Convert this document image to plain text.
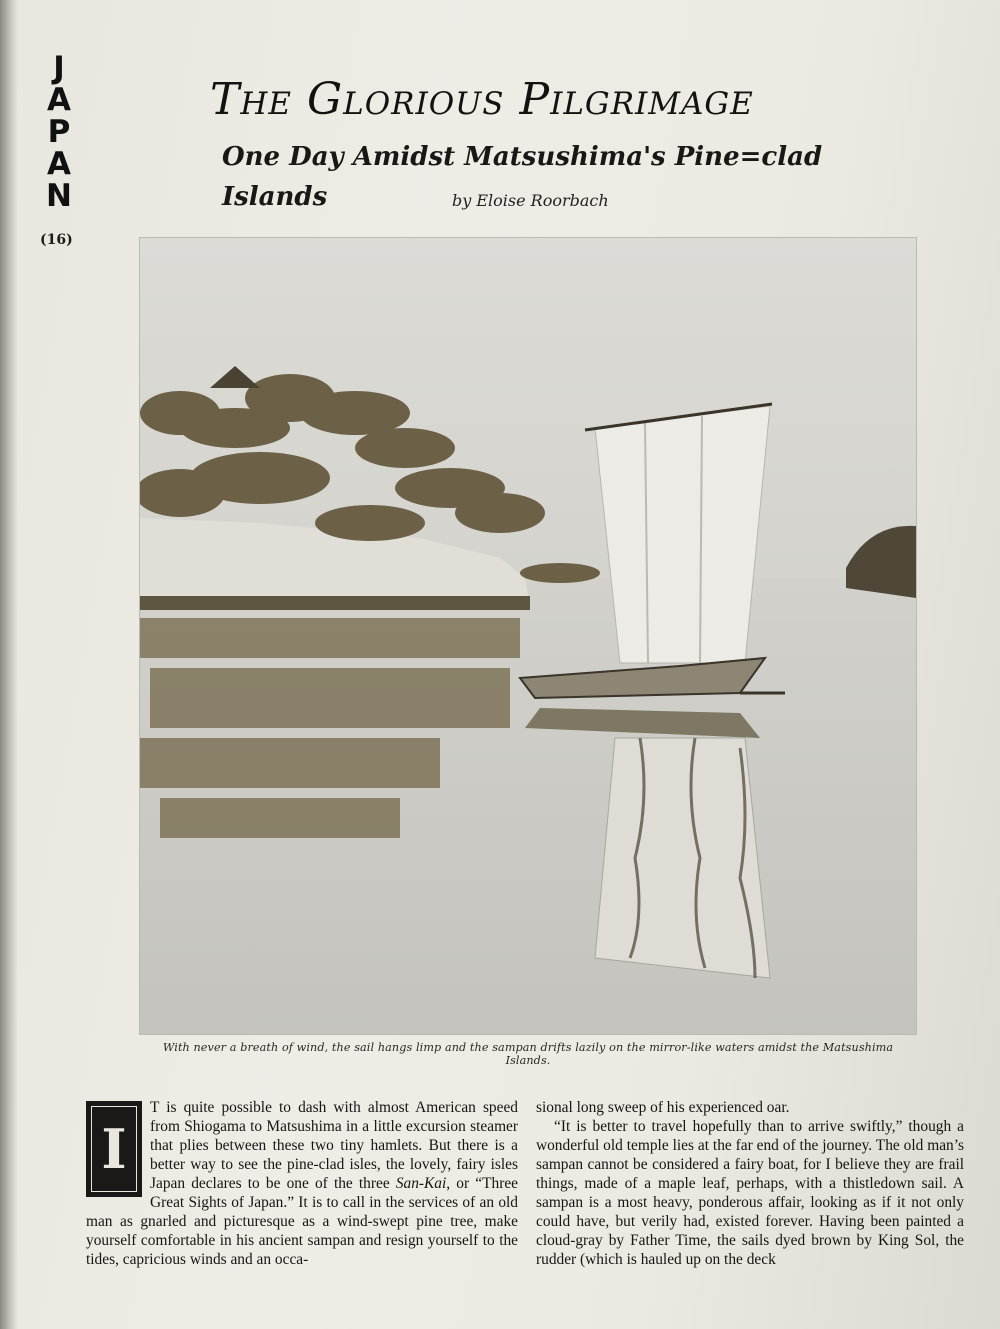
J
A
P
A
N
(16)
The Glorious Pilgrimage
One Day Amidst Matsushima's Pine=clad Islands	by Eloise Roorbach
With never a breath of wind, the sail hangs limp and the sampan drifts lazily on the mirror-like waters amidst the Matsushima Islands.

I
T is quite possible to dash with almost American speed from Shiogama to Matsushima in a little excursion steamer that plies between these two tiny hamlets. But there is a better way to see the pine-clad isles, the lovely, fairy isles Japan declares to be one of the three San-Kai, or “Three Great Sights of Japan.” It is to call in the services of an old man as gnarled and picturesque as a wind-swept pine tree, make yourself comfortable in his ancient sampan and resign yourself to the tides, capricious winds and an occa-

sional long sweep of his experienced oar.

“It is better to travel hopefully than to arrive swiftly,” though a wonderful old temple lies at the far end of the journey. The old man’s sampan cannot be considered a fairy boat, for I believe they are frail things, made of a maple leaf, perhaps, with a thistledown sail. A sampan is a most heavy, ponderous affair, looking as if it not only could have, but verily had, existed forever. Having been painted a cloud-gray by Father Time, the sails dyed brown by King Sol, the rudder (which is hauled up on the deck
